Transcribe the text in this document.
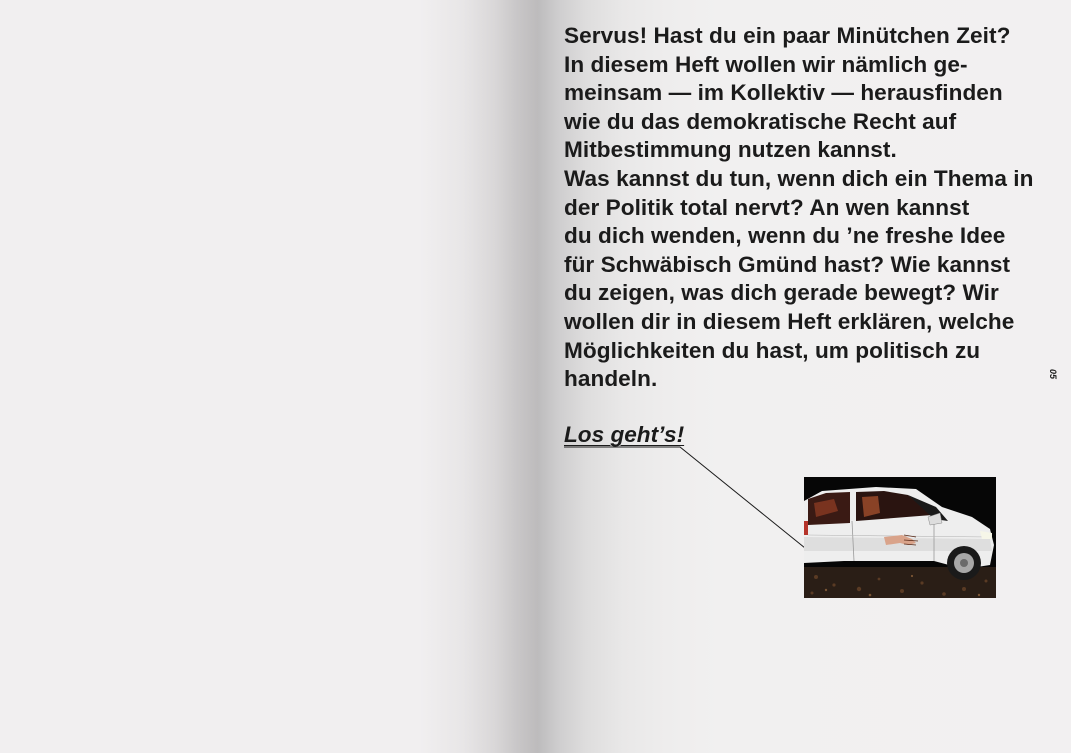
Servus! Hast du ein paar Minütchen Zeit?
In diesem Heft wollen wir nämlich ge-
meinsam — im Kollektiv — herausfinden
wie du das demokratische Recht auf
Mitbestimmung nutzen kannst.
Was kannst du tun, wenn dich ein Thema in
der Politik total nervt? An wen kannst
du dich wenden, wenn du ’ne freshe Idee
für Schwäbisch Gmünd hast? Wie kannst
du zeigen, was dich gerade bewegt? Wir
wollen dir in diesem Heft erklären, welche
Möglichkeiten du hast, um politisch zu
handeln.
Los geht’s!
05
